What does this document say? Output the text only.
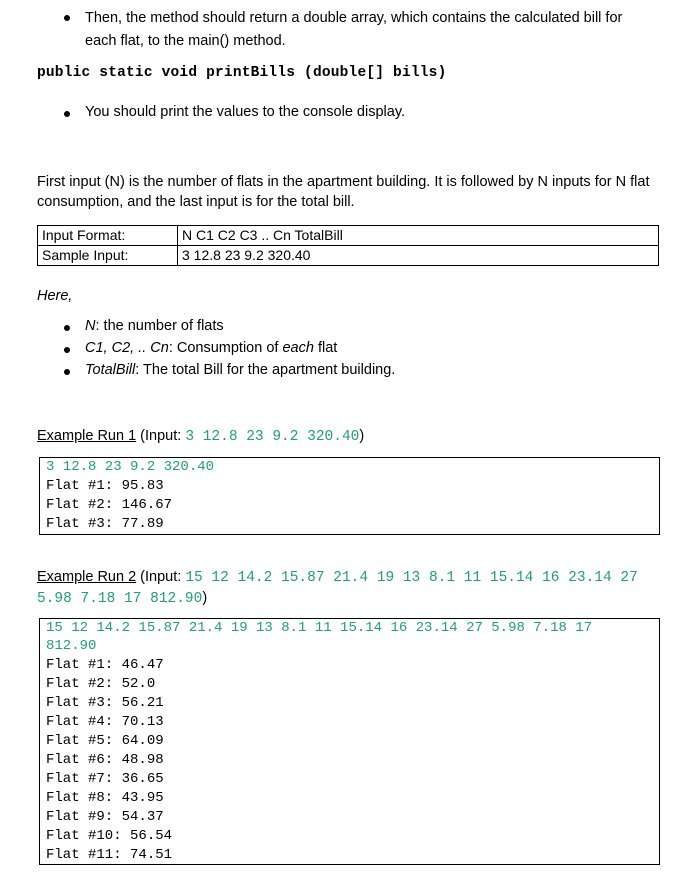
Then, the method should return a double array, which contains the calculated bill for
each flat, to the main() method.
public static void printBills (double[] bills)
You should print the values to the console display.
First input (N) is the number of flats in the apartment building. It is followed by N inputs for N flat
consumption, and the last input is for the total bill.
Input Format:	N C1 C2 C3 .. Cn TotalBill
Sample Input:	3 12.8 23 9.2 320.40
Here,
N: the number of flats
C1, C2, .. Cn: Consumption of each flat
TotalBill: The total Bill for the apartment building.
Example Run 1 (Input: 3 12.8 23 9.2 320.40)
3 12.8 23 9.2 320.40
Flat #1: 95.83
Flat #2: 146.67
Flat #3: 77.89
Example Run 2 (Input: 15 12 14.2 15.87 21.4 19 13 8.1 11 15.14 16 23.14 27
5.98 7.18 17 812.90)
15 12 14.2 15.87 21.4 19 13 8.1 11 15.14 16 23.14 27 5.98 7.18 17
812.90
Flat #1: 46.47
Flat #2: 52.0
Flat #3: 56.21
Flat #4: 70.13
Flat #5: 64.09
Flat #6: 48.98
Flat #7: 36.65
Flat #8: 43.95
Flat #9: 54.37
Flat #10: 56.54
Flat #11: 74.51
